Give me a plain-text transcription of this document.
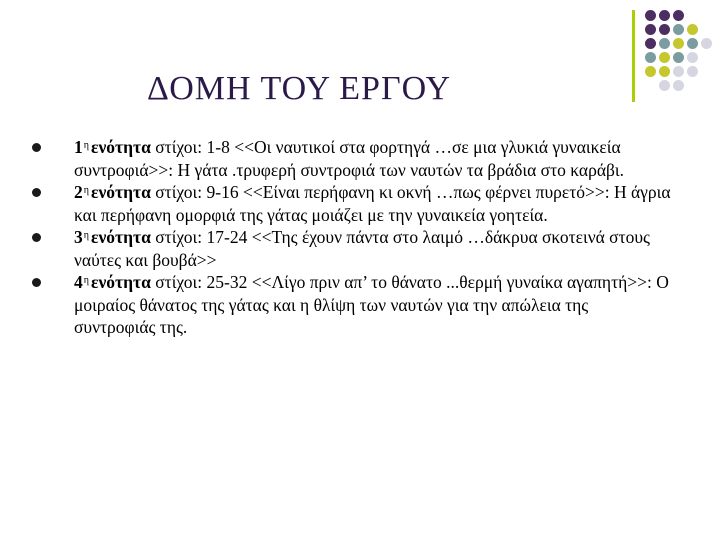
ΔΟΜΗ ΤΟΥ ΕΡΓΟΥ
$1^\eta$ ενότητα στίχοι: 1-8 <<Οι ναυτικοί στα φορτηγά …σε μια γλυκιά γυναικεία συντροφιά>>: Η γάτα .τρυφερή συντροφιά των ναυτών τα βράδια στο καράβι.
$2^\eta$ ενότητα στίχοι: 9-16 <<Είναι περήφανη κι οκνή …πως φέρνει πυρετό>>: Η άγρια και περήφανη ομορφιά της γάτας μοιάζει με την γυναικεία γοητεία.
$3^\eta$ ενότητα στίχοι: 17-24 <<Της έχουν πάντα στο λαιμό …δάκρυα σκοτεινά στους ναύτες και βουβά>>
$4^\eta$ ενότητα στίχοι: 25-32 <<Λίγο πριν απ’ το θάνατο ...θερμή γυναίκα αγαπητή>>: Ο μοιραίος θάνατος της γάτας και η θλίψη των ναυτών για την απώλεια της συντροφιάς της.
